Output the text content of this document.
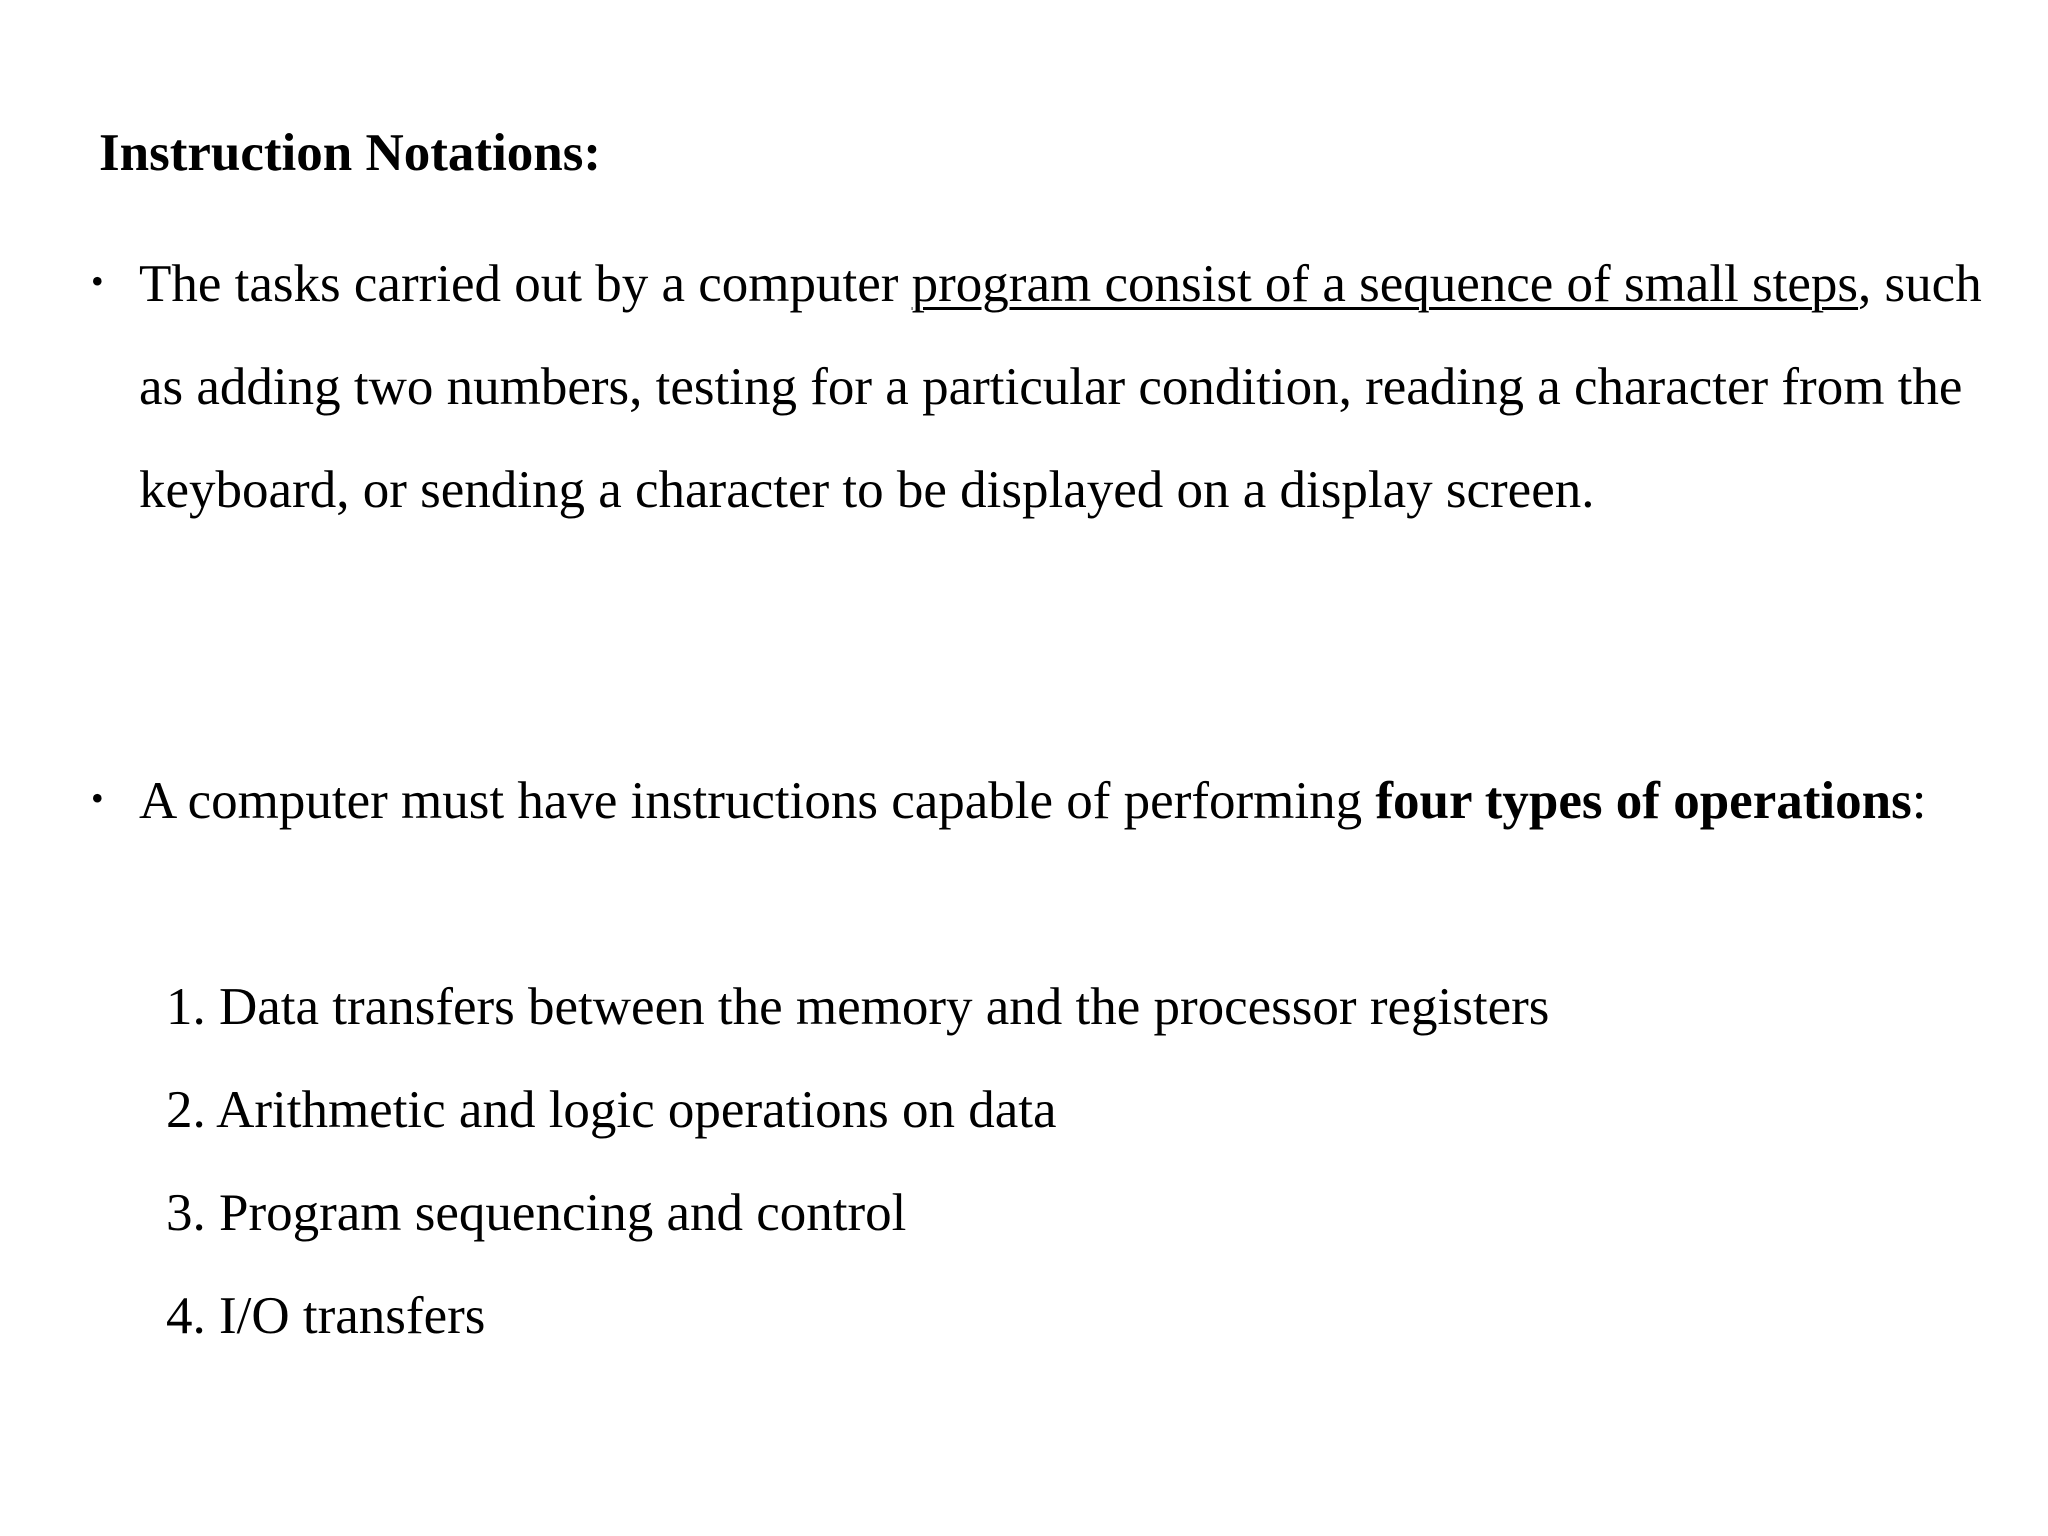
Instruction Notations:
• The tasks carried out by a computer program consist of a sequence of small steps, such as adding two numbers, testing for a particular condition, reading a character from the keyboard, or sending a character to be displayed on a display screen.
• A computer must have instructions capable of performing four types of operations:
1. Data transfers between the memory and the processor registers
2. Arithmetic and logic operations on data
3. Program sequencing and control
4. I/O transfers
